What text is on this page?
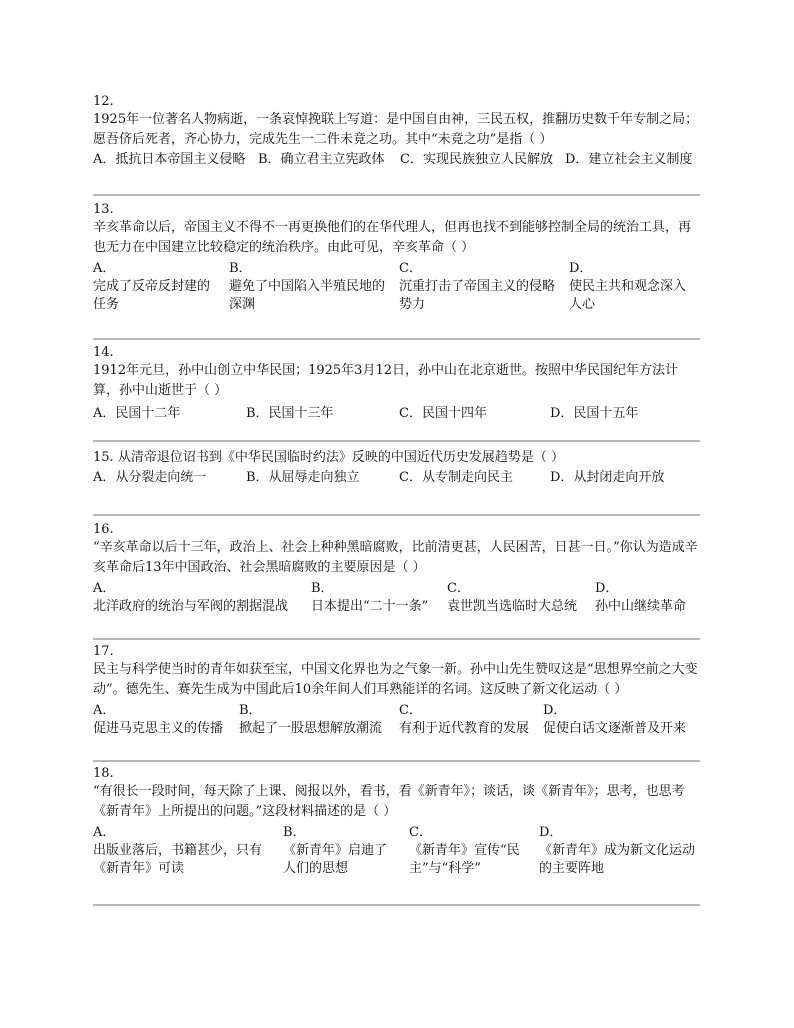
12.
1925年一位著名人物病逝，一条哀悼挽联上写道：是中国自由神，三民五权，推翻历史数千年专制之局；愿吾侪后死者，齐心协力，完成先生一二件未竟之功。其中“未竟之功”是指（ ）
A．抵抗日本帝国主义侵略 B．确立君主立宪政体	C．实现民族独立人民解放 D．建立社会主义制度
13.
辛亥革命以后，帝国主义不得不一再更换他们的在华代理人，但再也找不到能够控制全局的统治工具，再也无力在中国建立比较稳定的统治秩序。由此可见，辛亥革命（ ）
A．
完成了反帝反封建的任务
B．
避免了中国陷入半殖民地的深渊
C．
沉重打击了帝国主义的侵略势力
D．
使民主共和观念深入人心
14.
1912年元旦，孙中山创立中华民国；1925年3月12日，孙中山在北京逝世。按照中华民国纪年方法计算，孙中山逝世于（ ）
A．民国十二年	B．民国十三年	C．民国十四年	D．民国十五年
15. 从清帝退位诏书到《中华民国临时约法》反映的中国近代历史发展趋势是（ ）
A．从分裂走向统一	B．从屈辱走向独立	C．从专制走向民主	D．从封闭走向开放
16.
“辛亥革命以后十三年，政治上、社会上种种黑暗腐败，比前清更甚，人民困苦，日甚一日。”你认为造成辛亥革命后13年中国政治、社会黑暗腐败的主要原因是（ ）
A．
北洋政府的统治与军阀的割据混战
B．
日本提出“二十一条”
C．
袁世凯当选临时大总统
D．
孙中山继续革命
17.
民主与科学使当时的青年如获至宝，中国文化界也为之气象一新。孙中山先生赞叹这是“思想界空前之大变动”。德先生、赛先生成为中国此后10余年间人们耳熟能详的名词。这反映了新文化运动（ ）
A．
促进马克思主义的传播
B．
掀起了一股思想解放潮流
C．
有利于近代教育的发展
D．
促使白话文逐渐普及开来
18.
“有很长一段时间，每天除了上课、阅报以外，看书，看《新青年》；谈话，谈《新青年》；思考，也思考《新青年》上所提出的问题。”这段材料描述的是（ ）
A．
出版业落后，书籍甚少，只有《新青年》可读
B．
《新青年》启迪了人们的思想
C．
《新青年》宣传“民主”与“科学”
D．
《新青年》成为新文化运动的主要阵地
